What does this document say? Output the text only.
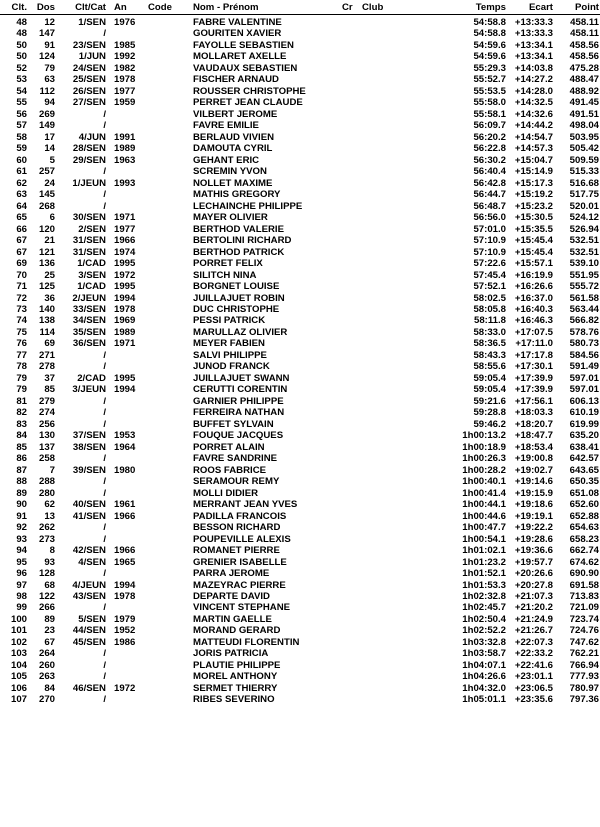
Clt.	Dos	Clt/Cat An	Code	Nom - Prénom	Cr Club	Temps	Ecart	Point
48	12	1/SEN 1976	FABRE VALENTINE	54:58.8 +13:33.3	458.11
48	147	/	GOURITEN XAVIER	54:58.8 +13:33.3	458.11
50	91	23/SEN 1985	FAYOLLE SEBASTIEN	54:59.6 +13:34.1	458.56
50	124	1/JUN 1992	MOLLARET AXELLE	54:59.6 +13:34.1	458.56
52	79	24/SEN 1982	VAUDAUX SEBASTIEN	55:29.3 +14:03.8	475.28
53	63	25/SEN 1978	FISCHER ARNAUD	55:52.7 +14:27.2	488.47
54	112	26/SEN 1977	ROUSSER CHRISTOPHE	55:53.5 +14:28.0	488.92
55	94	27/SEN 1959	PERRET JEAN CLAUDE	55:58.0 +14:32.5	491.45
56	269	/	VILBERT JEROME	55:58.1 +14:32.6	491.51
57	149	/	FAVRE EMILIE	56:09.7 +14:44.2	498.04
58	17	4/JUN 1991	BERLAUD VIVIEN	56:20.2 +14:54.7	503.95
59	14	28/SEN 1989	DAMOUTA CYRIL	56:22.8 +14:57.3	505.42
60	5	29/SEN 1963	GEHANT ERIC	56:30.2 +15:04.7	509.59
61	257	/	SCREMIN YVON	56:40.4 +15:14.9	515.33
62	24	1/JEUN 1993	NOLLET MAXIME	56:42.8 +15:17.3	516.68
63	145	/	MATHIS GREGORY	56:44.7 +15:19.2	517.75
64	268	/	LECHAINCHE PHILIPPE	56:48.7 +15:23.2	520.01
65	6	30/SEN 1971	MAYER OLIVIER	56:56.0 +15:30.5	524.12
66	120	2/SEN 1977	BERTHOD VALERIE	57:01.0 +15:35.5	526.94
67	21	31/SEN 1966	BERTOLINI RICHARD	57:10.9 +15:45.4	532.51
67	121	31/SEN 1974	BERTHOD PATRICK	57:10.9 +15:45.4	532.51
69	136	1/CAD 1995	PORRET FELIX	57:22.6 +15:57.1	539.10
70	25	3/SEN 1972	SILITCH NINA	57:45.4 +16:19.9	551.95
71	125	1/CAD 1995	BORGNET LOUISE	57:52.1 +16:26.6	555.72
72	36	2/JEUN 1994	JUILLAJUET ROBIN	58:02.5 +16:37.0	561.58
73	140	33/SEN 1978	DUC CHRISTOPHE	58:05.8 +16:40.3	563.44
74	138	34/SEN 1969	PESSI PATRICK	58:11.8 +16:46.3	566.82
75	114	35/SEN 1989	MARULLAZ OLIVIER	58:33.0 +17:07.5	578.76
76	69	36/SEN 1971	MEYER FABIEN	58:36.5 +17:11.0	580.73
77	271	/	SALVI PHILIPPE	58:43.3 +17:17.8	584.56
78	278	/	JUNOD FRANCK	58:55.6 +17:30.1	591.49
79	37	2/CAD 1995	JUILLAJUET SWANN	59:05.4 +17:39.9	597.01
79	85	3/JEUN 1994	CERUTTI CORENTIN	59:05.4 +17:39.9	597.01
81	279	/	GARNIER PHILIPPE	59:21.6 +17:56.1	606.13
82	274	/	FERREIRA NATHAN	59:28.8 +18:03.3	610.19
83	256	/	BUFFET SYLVAIN	59:46.2 +18:20.7	619.99
84	130	37/SEN 1953	FOUQUE JACQUES	1h00:13.2 +18:47.7	635.20
85	137	38/SEN 1964	PORRET ALAIN	1h00:18.9 +18:53.4	638.41
86	258	/	FAVRE SANDRINE	1h00:26.3 +19:00.8	642.57
87	7	39/SEN 1980	ROOS FABRICE	1h00:28.2 +19:02.7	643.65
88	288	/	SERAMOUR REMY	1h00:40.1 +19:14.6	650.35
89	280	/	MOLLI DIDIER	1h00:41.4 +19:15.9	651.08
90	62	40/SEN 1961	MERRANT JEAN YVES	1h00:44.1 +19:18.6	652.60
91	13	41/SEN 1966	PADILLA FRANCOIS	1h00:44.6 +19:19.1	652.88
92	262	/	BESSON RICHARD	1h00:47.7 +19:22.2	654.63
93	273	/	POUPEVILLE ALEXIS	1h00:54.1 +19:28.6	658.23
94	8	42/SEN 1966	ROMANET PIERRE	1h01:02.1 +19:36.6	662.74
95	93	4/SEN 1965	GRENIER ISABELLE	1h01:23.2 +19:57.7	674.62
96	128	/	PARRA JEROME	1h01:52.1 +20:26.6	690.90
97	68	4/JEUN 1994	MAZEYRAC PIERRE	1h01:53.3 +20:27.8	691.58
98	122	43/SEN 1978	DEPARTE DAVID	1h02:32.8 +21:07.3	713.83
99	266	/	VINCENT STEPHANE	1h02:45.7 +21:20.2	721.09
100	89	5/SEN 1979	MARTIN GAELLE	1h02:50.4 +21:24.9	723.74
101	23	44/SEN 1952	MORAND GERARD	1h02:52.2 +21:26.7	724.76
102	67	45/SEN 1986	MATTEUDI FLORENTIN	1h03:32.8 +22:07.3	747.62
103	264	/	JORIS PATRICIA	1h03:58.7 +22:33.2	762.21
104	260	/	PLAUTIE PHILIPPE	1h04:07.1 +22:41.6	766.94
105	263	/	MOREL ANTHONY	1h04:26.6 +23:01.1	777.93
106	84	46/SEN 1972	SERMET THIERRY	1h04:32.0 +23:06.5	780.97
107	270	/	RIBES SEVERINO	1h05:01.1 +23:35.6	797.36
